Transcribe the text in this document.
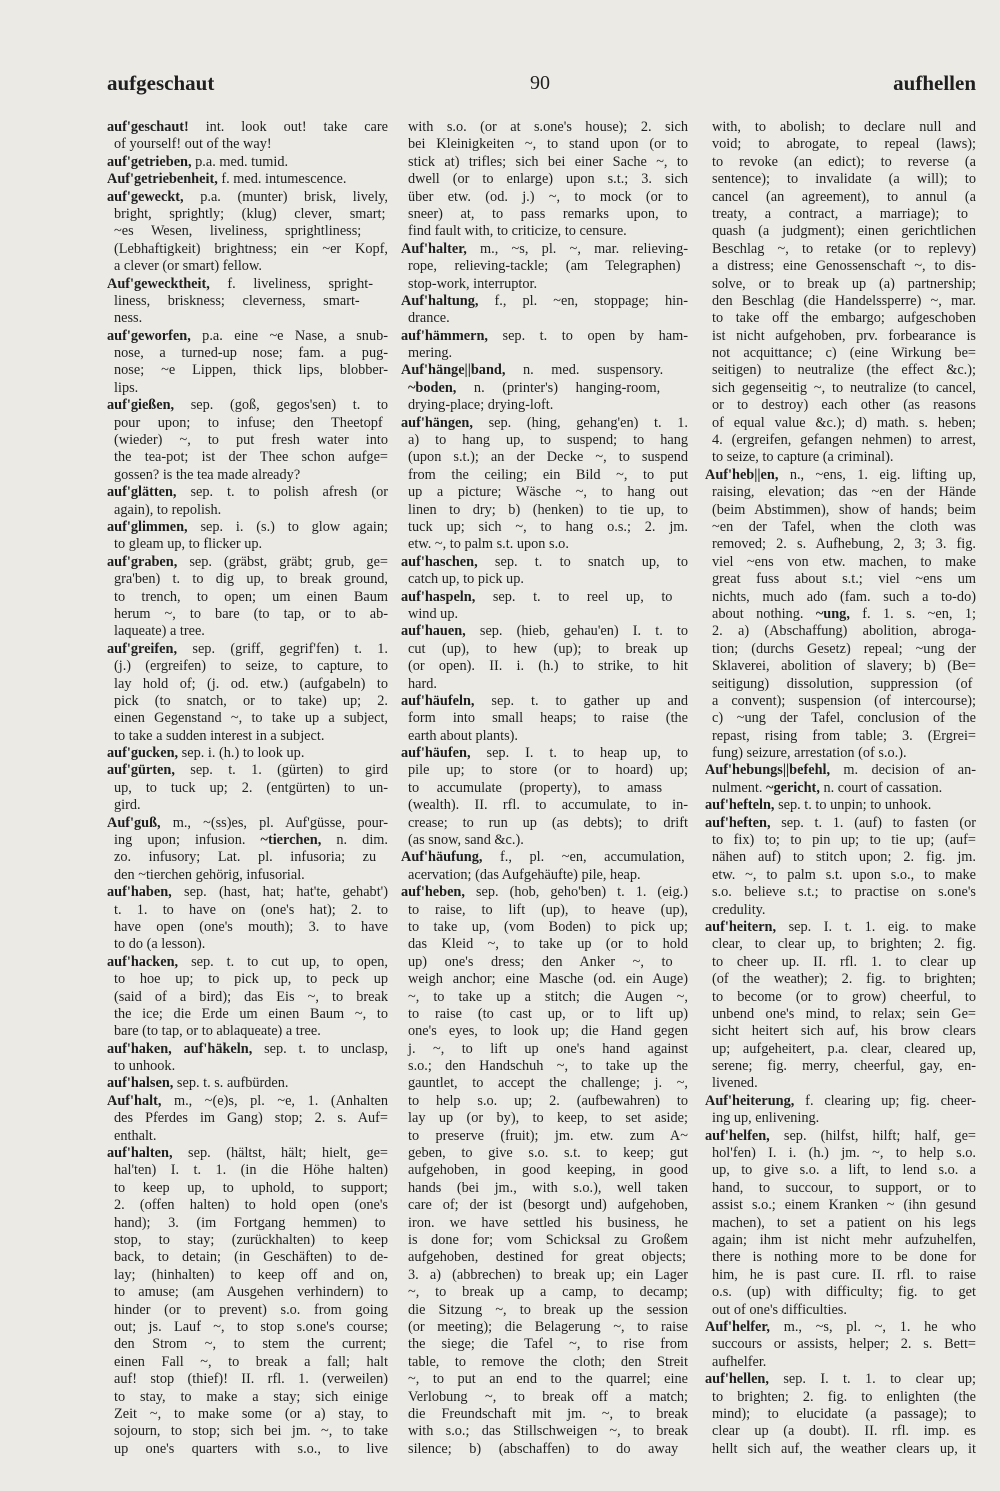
aufgeschaut	90	aufhellen
auf'geschaut! int. look out! take care
of yourself! out of the way!
auf'getrieben, p.a. med. tumid.
Auf'getriebenheit, f. med. intumescence.
auf'geweckt, p.a. (munter) brisk, lively,
bright, sprightly; (klug) clever, smart;
~es Wesen, liveliness, sprightliness;
(Lebhaftigkeit) brightness; ein ~er Kopf,
a clever (or smart) fellow.
Auf'gewecktheit, f. liveliness, spright-
liness, briskness; cleverness, smart-
ness.
auf'geworfen, p.a. eine ~e Nase, a snub-
nose, a turned-up nose; fam. a pug-
nose; ~e Lippen, thick lips, blobber-
lips.
auf'gießen, sep. (goß, gegos'sen) t. to
pour upon; to infuse; den Theetopf
(wieder) ~, to put fresh water into
the tea-pot; ist der Thee schon aufge=
gossen? is the tea made already?
auf'glätten, sep. t. to polish afresh (or
again), to repolish.
auf'glimmen, sep. i. (s.) to glow again;
to gleam up, to flicker up.
auf'graben, sep. (gräbst, gräbt; grub, ge=
gra'ben) t. to dig up, to break ground,
to trench, to open; um einen Baum
herum ~, to bare (to tap, or to ab-
laqueate) a tree.
auf'greifen, sep. (griff, gegrif'fen) t. 1.
(j.) (ergreifen) to seize, to capture, to
lay hold of; (j. od. etw.) (aufgabeln) to
pick (to snatch, or to take) up; 2.
einen Gegenstand ~, to take up a subject,
to take a sudden interest in a subject.
auf'gucken, sep. i. (h.) to look up.
auf'gürten, sep. t. 1. (gürten) to gird
up, to tuck up; 2. (entgürten) to un-
gird.
Auf'guß, m., ~(ss)es, pl. Auf'güsse, pour-
ing upon; infusion. ~tierchen, n. dim.
zo. infusory; Lat. pl. infusoria; zu
den ~tierchen gehörig, infusorial.
auf'haben, sep. (hast, hat; hat'te, gehabt')
t. 1. to have on (one's hat); 2. to
have open (one's mouth); 3. to have
to do (a lesson).
auf'hacken, sep. t. to cut up, to open,
to hoe up; to pick up, to peck up
(said of a bird); das Eis ~, to break
the ice; die Erde um einen Baum ~, to
bare (to tap, or to ablaqueate) a tree.
auf'haken, auf'häkeln, sep. t. to unclasp,
to unhook.
auf'halsen, sep. t. s. aufbürden.
Auf'halt, m., ~(e)s, pl. ~e, 1. (Anhalten
des Pferdes im Gang) stop; 2. s. Auf=
enthalt.
auf'halten, sep. (hältst, hält; hielt, ge=
hal'ten) I. t. 1. (in die Höhe halten)
to keep up, to uphold, to support;
2. (offen halten) to hold open (one's
hand); 3. (im Fortgang hemmen) to
stop, to stay; (zurückhalten) to keep
back, to detain; (in Geschäften) to de-
lay; (hinhalten) to keep off and on,
to amuse; (am Ausgehen verhindern) to
hinder (or to prevent) s.o. from going
out; js. Lauf ~, to stop s.one's course;
den Strom ~, to stem the current;
einen Fall ~, to break a fall; halt
auf! stop (thief)! II. rfl. 1. (verweilen)
to stay, to make a stay; sich einige
Zeit ~, to make some (or a) stay, to
sojourn, to stop; sich bei jm. ~, to take
up one's quarters with s.o., to live
with s.o. (or at s.one's house); 2. sich
bei Kleinigkeiten ~, to stand upon (or to
stick at) trifles; sich bei einer Sache ~, to
dwell (or to enlarge) upon s.t.; 3. sich
über etw. (od. j.) ~, to mock (or to
sneer) at, to pass remarks upon, to
find fault with, to criticize, to censure.
Auf'halter, m., ~s, pl. ~, mar. relieving-
rope, relieving-tackle; (am Telegraphen)
stop-work, interruptor.
Auf'haltung, f., pl. ~en, stoppage; hin-
drance.
auf'hämmern, sep. t. to open by ham-
mering.
Auf'hänge||band, n. med. suspensory.
~boden, n. (printer's) hanging-room,
drying-place; drying-loft.
auf'hängen, sep. (hing, gehang'en) t. 1.
a) to hang up, to suspend; to hang
(upon s.t.); an der Decke ~, to suspend
from the ceiling; ein Bild ~, to put
up a picture; Wäsche ~, to hang out
linen to dry; b) (henken) to tie up, to
tuck up; sich ~, to hang o.s.; 2. jm.
etw. ~, to palm s.t. upon s.o.
auf'haschen, sep. t. to snatch up, to
catch up, to pick up.
auf'haspeln, sep. t. to reel up, to
wind up.
auf'hauen, sep. (hieb, gehau'en) I. t. to
cut (up), to hew (up); to break up
(or open). II. i. (h.) to strike, to hit
hard.
auf'häufeln, sep. t. to gather up and
form into small heaps; to raise (the
earth about plants).
auf'häufen, sep. I. t. to heap up, to
pile up; to store (or to hoard) up;
to accumulate (property), to amass
(wealth). II. rfl. to accumulate, to in-
crease; to run up (as debts); to drift
(as snow, sand &c.).
Auf'häufung, f., pl. ~en, accumulation,
acervation; (das Aufgehäufte) pile, heap.
auf'heben, sep. (hob, geho'ben) t. 1. (eig.)
to raise, to lift (up), to heave (up),
to take up, (vom Boden) to pick up;
das Kleid ~, to take up (or to hold
up) one's dress; den Anker ~, to
weigh anchor; eine Masche (od. ein Auge)
~, to take up a stitch; die Augen ~,
to raise (to cast up, or to lift up)
one's eyes, to look up; die Hand gegen
j. ~, to lift up one's hand against
s.o.; den Handschuh ~, to take up the
gauntlet, to accept the challenge; j. ~,
to help s.o. up; 2. (aufbewahren) to
lay up (or by), to keep, to set aside;
to preserve (fruit); jm. etw. zum A~
geben, to give s.o. s.t. to keep; gut
aufgehoben, in good keeping, in good
hands (bei jm., with s.o.), well taken
care of; der ist (besorgt und) aufgehoben,
iron. we have settled his business, he
is done for; vom Schicksal zu Großem
aufgehoben, destined for great objects;
3. a) (abbrechen) to break up; ein Lager
~, to break up a camp, to decamp;
die Sitzung ~, to break up the session
(or meeting); die Belagerung ~, to raise
the siege; die Tafel ~, to rise from
table, to remove the cloth; den Streit
~, to put an end to the quarrel; eine
Verlobung ~, to break off a match;
die Freundschaft mit jm. ~, to break
with s.o.; das Stillschweigen ~, to break
silence; b) (abschaffen) to do away
with, to abolish; to declare null and
void; to abrogate, to repeal (laws);
to revoke (an edict); to reverse (a
sentence); to invalidate (a will); to
cancel (an agreement), to annul (a
treaty, a contract, a marriage); to
quash (a judgment); einen gerichtlichen
Beschlag ~, to retake (or to replevy)
a distress; eine Genossenschaft ~, to dis-
solve, or to break up (a) partnership;
den Beschlag (die Handelssperre) ~, mar.
to take off the embargo; aufgeschoben
ist nicht aufgehoben, prv. forbearance is
not acquittance; c) (eine Wirkung be=
seitigen) to neutralize (the effect &c.);
sich gegenseitig ~, to neutralize (to cancel,
or to destroy) each other (as reasons
of equal value &c.); d) math. s. heben;
4. (ergreifen, gefangen nehmen) to arrest,
to seize, to capture (a criminal).
Auf'heb||en, n., ~ens, 1. eig. lifting up,
raising, elevation; das ~en der Hände
(beim Abstimmen), show of hands; beim
~en der Tafel, when the cloth was
removed; 2. s. Aufhebung, 2, 3; 3. fig.
viel ~ens von etw. machen, to make
great fuss about s.t.; viel ~ens um
nichts, much ado (fam. such a to-do)
about nothing. ~ung, f. 1. s. ~en, 1;
2. a) (Abschaffung) abolition, abroga-
tion; (durchs Gesetz) repeal; ~ung der
Sklaverei, abolition of slavery; b) (Be=
seitigung) dissolution, suppression (of
a convent); suspension (of intercourse);
c) ~ung der Tafel, conclusion of the
repast, rising from table; 3. (Ergrei=
fung) seizure, arrestation (of s.o.).
Auf'hebungs||befehl, m. decision of an-
nulment. ~gericht, n. court of cassation.
auf'hefteln, sep. t. to unpin; to unhook.
auf'heften, sep. t. 1. (auf) to fasten (or
to fix) to; to pin up; to tie up; (auf=
nähen auf) to stitch upon; 2. fig. jm.
etw. ~, to palm s.t. upon s.o., to make
s.o. believe s.t.; to practise on s.one's
credulity.
auf'heitern, sep. I. t. 1. eig. to make
clear, to clear up, to brighten; 2. fig.
to cheer up. II. rfl. 1. to clear up
(of the weather); 2. fig. to brighten;
to become (or to grow) cheerful, to
unbend one's mind, to relax; sein Ge=
sicht heitert sich auf, his brow clears
up; aufgeheitert, p.a. clear, cleared up,
serene; fig. merry, cheerful, gay, en-
livened.
Auf'heiterung, f. clearing up; fig. cheer-
ing up, enlivening.
auf'helfen, sep. (hilfst, hilft; half, ge=
hol'fen) I. i. (h.) jm. ~, to help s.o.
up, to give s.o. a lift, to lend s.o. a
hand, to succour, to support, or to
assist s.o.; einem Kranken ~ (ihn gesund
machen), to set a patient on his legs
again; ihm ist nicht mehr aufzuhelfen,
there is nothing more to be done for
him, he is past cure. II. rfl. to raise
o.s. (up) with difficulty; fig. to get
out of one's difficulties.
Auf'helfer, m., ~s, pl. ~, 1. he who
succours or assists, helper; 2. s. Bett=
aufhelfer.
auf'hellen, sep. I. t. 1. to clear up;
to brighten; 2. fig. to enlighten (the
mind); to elucidate (a passage); to
clear up (a doubt). II. rfl. imp. es
hellt sich auf, the weather clears up, it
